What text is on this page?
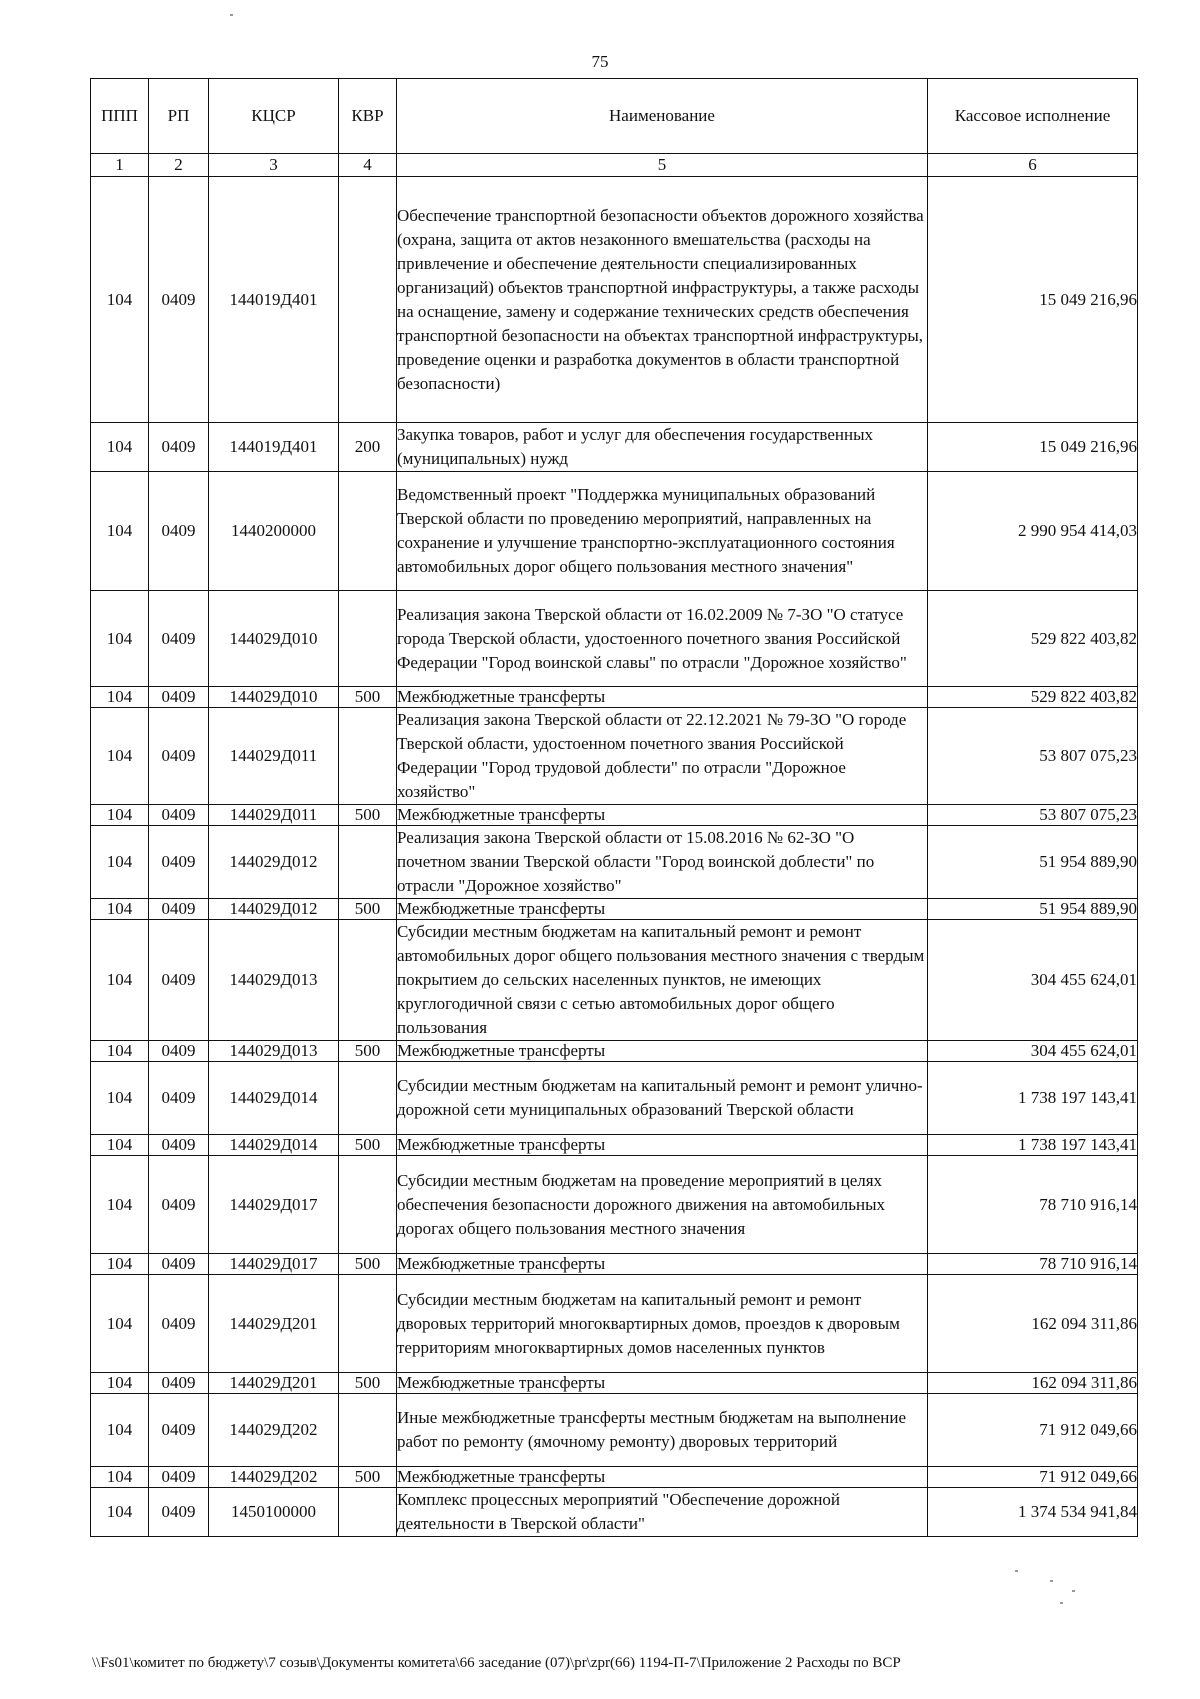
75
ППП	РП	КЦСР	КВР	Наименование	Кассовое исполнение
1	2	3	4	5	6
104	0409	144019Д401		Обеспечение транспортной безопасности объектов дорожного хозяйства (охрана, защита от актов незаконного вмешательства (расходы на привлечение и обеспечение деятельности специализированных организаций) объектов транспортной инфраструктуры, а также расходы на оснащение, замену и содержание технических средств обеспечения транспортной безопасности на объектах транспортной инфраструктуры, проведение оценки и разработка документов в области транспортной безопасности)	15 049 216,96
104	0409	144019Д401	200	Закупка товаров, работ и услуг для обеспечения государственных (муниципальных) нужд	15 049 216,96
104	0409	1440200000		Ведомственный проект "Поддержка муниципальных образований Тверской области по проведению мероприятий, направленных на сохранение и улучшение транспортно-эксплуатационного состояния автомобильных дорог общего пользования местного значения"	2 990 954 414,03
104	0409	144029Д010		Реализация закона Тверской области от 16.02.2009 № 7-ЗО "О статусе города Тверской области, удостоенного почетного звания Российской Федерации "Город воинской славы" по отрасли "Дорожное хозяйство"	529 822 403,82
104	0409	144029Д010	500	Межбюджетные трансферты	529 822 403,82
104	0409	144029Д011		Реализация закона Тверской области от 22.12.2021 № 79-ЗО "О городе Тверской области, удостоенном почетного звания Российской Федерации "Город трудовой доблести" по отрасли "Дорожное хозяйство"	53 807 075,23
104	0409	144029Д011	500	Межбюджетные трансферты	53 807 075,23
104	0409	144029Д012		Реализация закона Тверской области от 15.08.2016 № 62-ЗО "О почетном звании Тверской области "Город воинской доблести" по отрасли "Дорожное хозяйство"	51 954 889,90
104	0409	144029Д012	500	Межбюджетные трансферты	51 954 889,90
104	0409	144029Д013		Субсидии местным бюджетам на капитальный ремонт и ремонт автомобильных дорог общего пользования местного значения с твердым покрытием до сельских населенных пунктов, не имеющих круглогодичной связи с сетью автомобильных дорог общего пользования	304 455 624,01
104	0409	144029Д013	500	Межбюджетные трансферты	304 455 624,01
104	0409	144029Д014		Субсидии местным бюджетам на капитальный ремонт и ремонт улично-дорожной сети муниципальных образований Тверской области	1 738 197 143,41
104	0409	144029Д014	500	Межбюджетные трансферты	1 738 197 143,41
104	0409	144029Д017		Субсидии местным бюджетам на проведение мероприятий в целях обеспечения безопасности дорожного движения на автомобильных дорогах общего пользования местного значения	78 710 916,14
104	0409	144029Д017	500	Межбюджетные трансферты	78 710 916,14
104	0409	144029Д201		Субсидии местным бюджетам на капитальный ремонт и ремонт дворовых территорий многоквартирных домов, проездов к дворовым территориям многоквартирных домов населенных пунктов	162 094 311,86
104	0409	144029Д201	500	Межбюджетные трансферты	162 094 311,86
104	0409	144029Д202		Иные межбюджетные трансферты местным бюджетам на выполнение работ по ремонту (ямочному ремонту) дворовых территорий	71 912 049,66
104	0409	144029Д202	500	Межбюджетные трансферты	71 912 049,66
104	0409	1450100000		Комплекс процессных мероприятий "Обеспечение дорожной деятельности в Тверской области"	1 374 534 941,84
\\Fs01\комитет по бюджету\7 созыв\Документы комитета\66 заседание (07)\pr\zpr(66) 1194-П-7\Приложение 2 Расходы по ВСР
